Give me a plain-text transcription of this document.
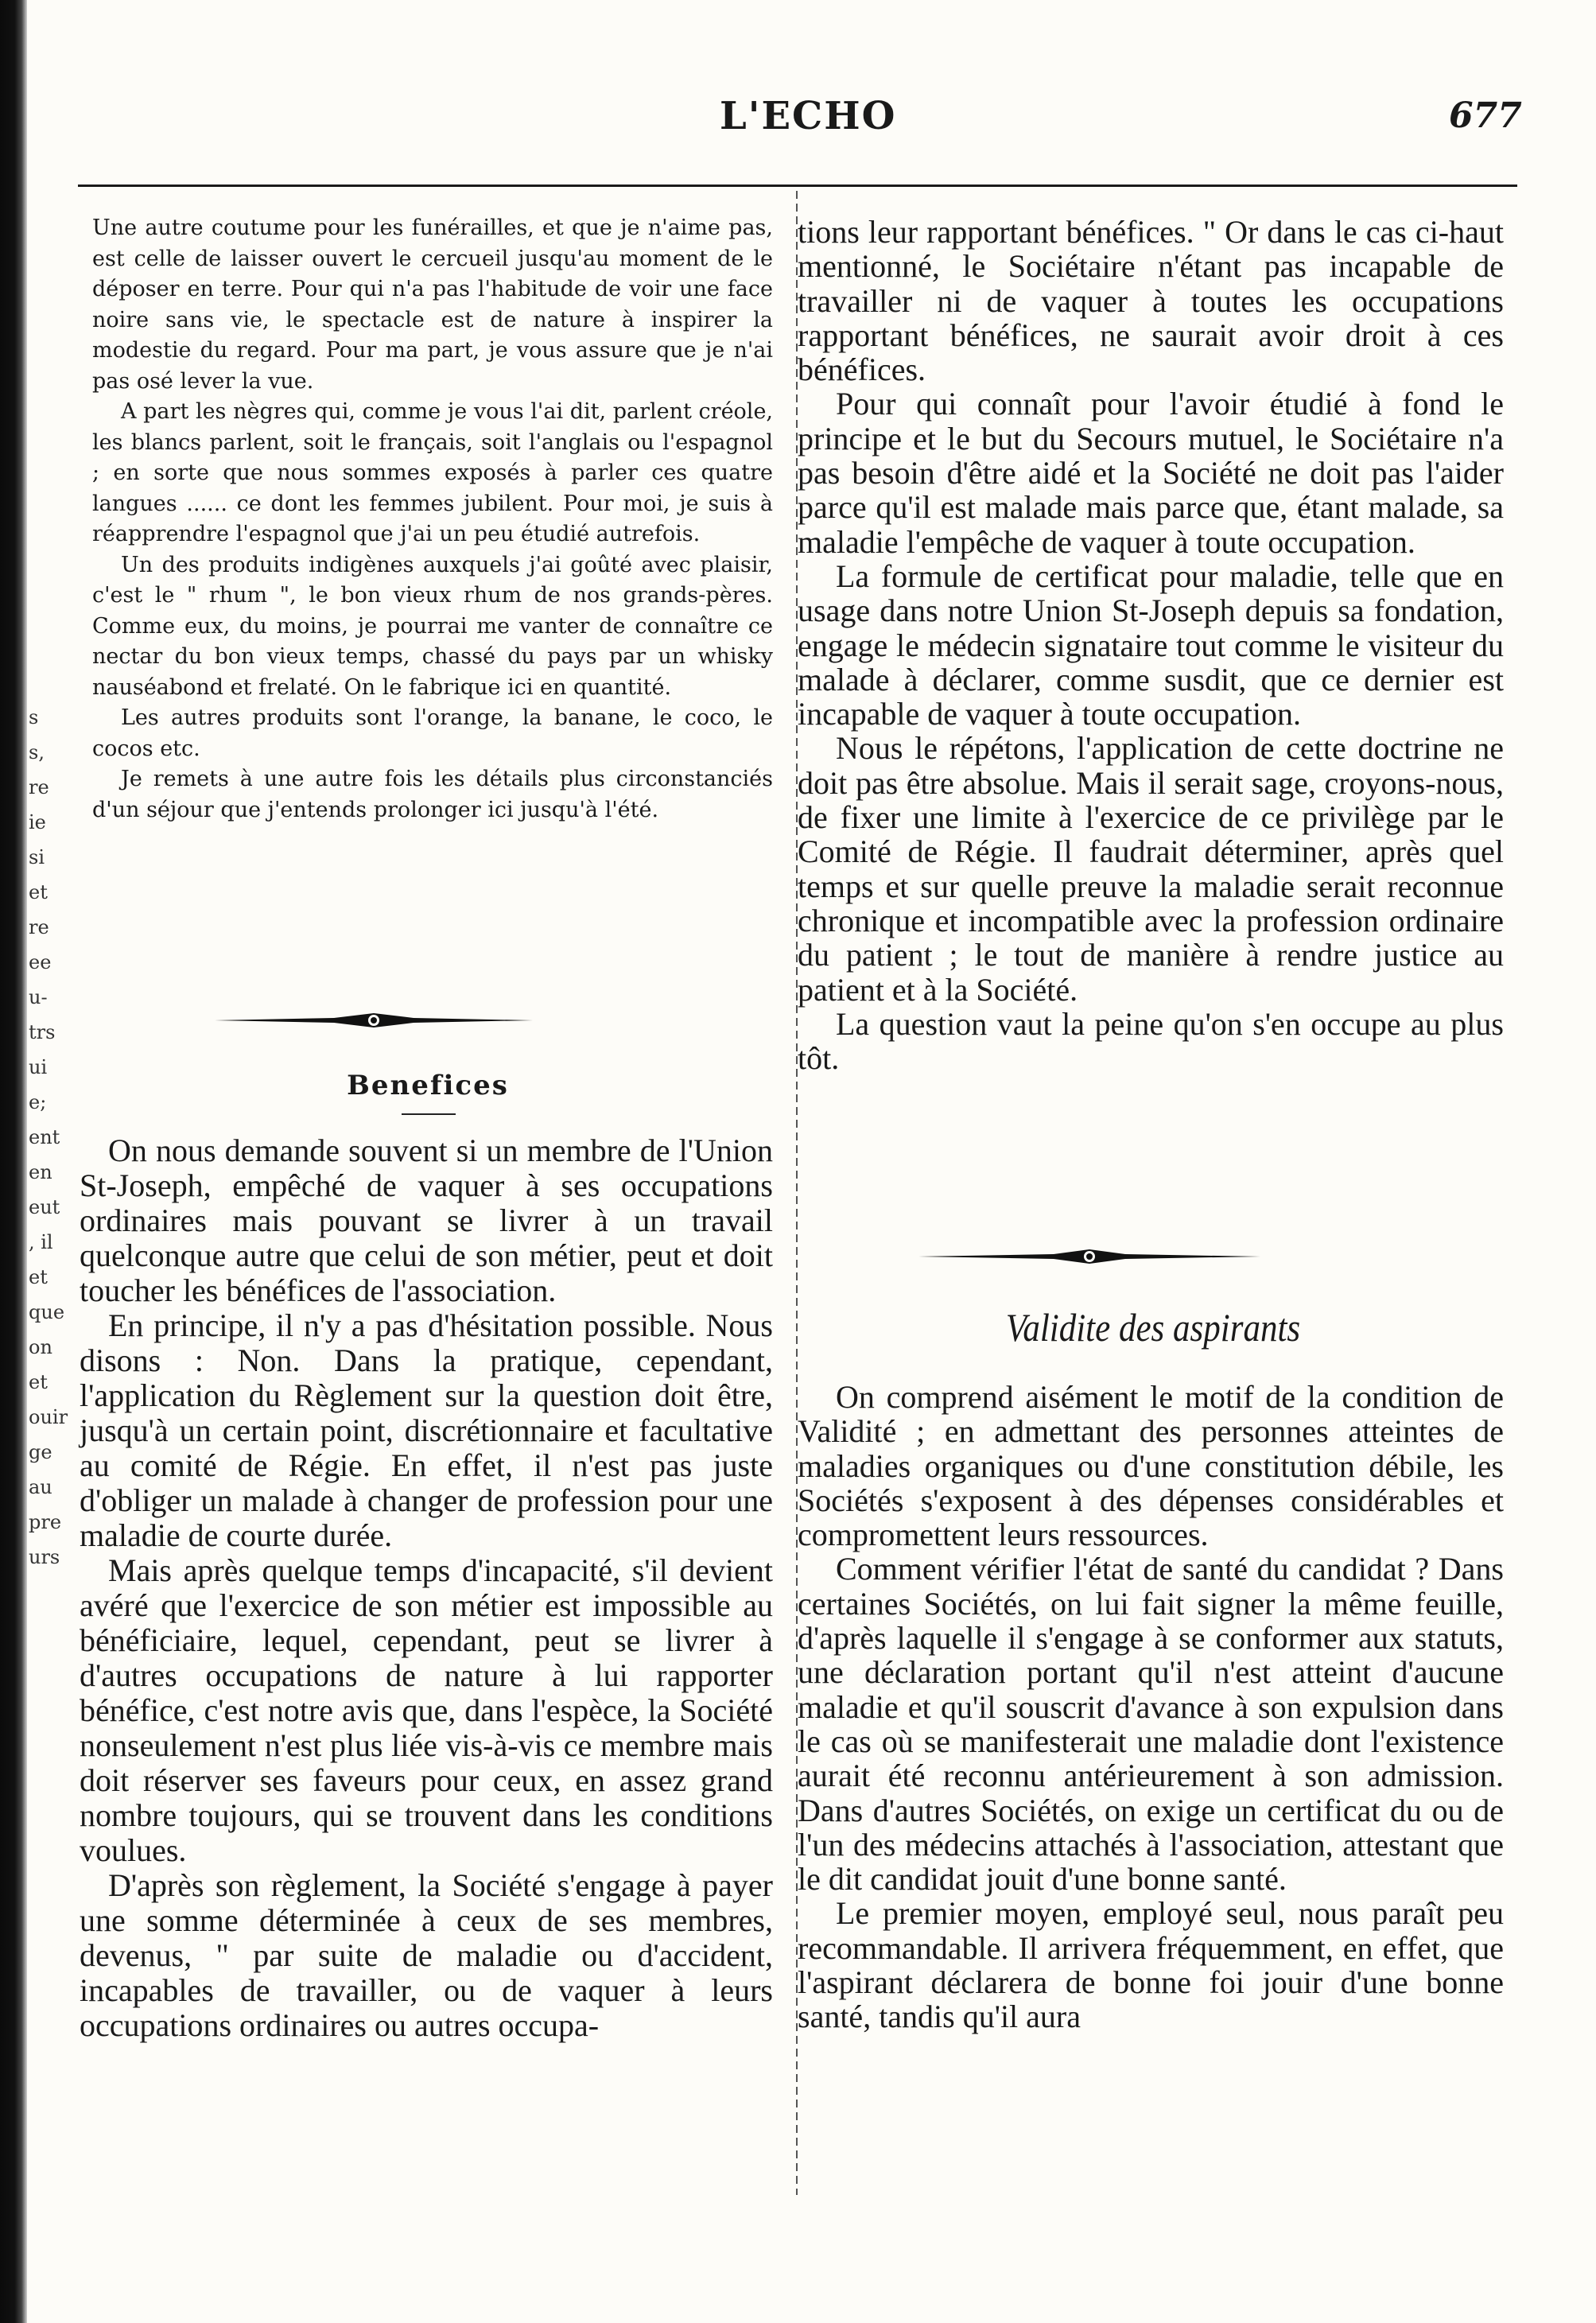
s
s,
re
ie
si
et
re
ee
u-
trs
ui
e;
ent
en
eut
, il
et
que
on
et
ouir
ge
au
pre
urs
L'ECHO	677

Une autre coutume pour les funérailles, et que je n'aime pas, est celle de laisser ouvert le cercueil jusqu'au moment de le déposer en terre. Pour qui n'a pas l'habitude de voir une face noire sans vie, le spectacle est de nature à inspirer la modestie du regard. Pour ma part, je vous assure que je n'ai pas osé lever la vue.

A part les nègres qui, comme je vous l'ai dit, parlent créole, les blancs parlent, soit le français, soit l'anglais ou l'espagnol ; en sorte que nous sommes exposés à parler ces quatre langues ...... ce dont les femmes jubilent. Pour moi, je suis à réapprendre l'espagnol que j'ai un peu étudié autrefois.

Un des produits indigènes auxquels j'ai goûté avec plaisir, c'est le " rhum ", le bon vieux rhum de nos grands-pères. Comme eux, du moins, je pourrai me vanter de connaître ce nectar du bon vieux temps, chassé du pays par un whisky nauséabond et frelaté. On le fabrique ici en quantité.

Les autres produits sont l'orange, la banane, le coco, le cocos etc.

Je remets à une autre fois les détails plus circonstanciés d'un séjour que j'entends prolonger ici jusqu'à l'été.

Benefices

On nous demande souvent si un membre de l'Union St-Joseph, empêché de vaquer à ses occupations ordinaires mais pouvant se livrer à un travail quelconque autre que celui de son métier, peut et doit toucher les bénéfices de l'association.

En principe, il n'y a pas d'hésitation possible. Nous disons : Non. Dans la pratique, cependant, l'application du Règlement sur la question doit être, jusqu'à un certain point, discrétionnaire et facultative au comité de Régie. En effet, il n'est pas juste d'obliger un malade à changer de profession pour une maladie de courte durée.

Mais après quelque temps d'incapacité, s'il devient avéré que l'exercice de son métier est impossible au bénéficiaire, lequel, cependant, peut se livrer à d'autres occupations de nature à lui rapporter bénéfice, c'est notre avis que, dans l'espèce, la Société nonseulement n'est plus liée vis-à-vis ce membre mais doit réserver ses faveurs pour ceux, en assez grand nombre toujours, qui se trouvent dans les conditions voulues.

D'après son règlement, la Société s'engage à payer une somme déterminée à ceux de ses membres, devenus, " par suite de maladie ou d'accident, incapables de travailler, ou de vaquer à leurs occupations ordinaires ou autres occupa-

tions leur rapportant bénéfices. " Or dans le cas ci-haut mentionné, le Sociétaire n'étant pas incapable de travailler ni de vaquer à toutes les occupations rapportant bénéfices, ne saurait avoir droit à ces bénéfices.

Pour qui connaît pour l'avoir étudié à fond le principe et le but du Secours mutuel, le Sociétaire n'a pas besoin d'être aidé et la Société ne doit pas l'aider parce qu'il est malade mais parce que, étant malade, sa maladie l'empêche de vaquer à toute occupation.

La formule de certificat pour maladie, telle que en usage dans notre Union St-Joseph depuis sa fondation, engage le médecin signataire tout comme le visiteur du malade à déclarer, comme susdit, que ce dernier est incapable de vaquer à toute occupation.

Nous le répétons, l'application de cette doctrine ne doit pas être absolue. Mais il serait sage, croyons-nous, de fixer une limite à l'exercice de ce privilège par le Comité de Régie. Il faudrait déterminer, après quel temps et sur quelle preuve la maladie serait reconnue chronique et incompatible avec la profession ordinaire du patient ; le tout de manière à rendre justice au patient et à la Société.

La question vaut la peine qu'on s'en occupe au plus tôt.

Validite des aspirants

On comprend aisément le motif de la condition de Validité ; en admettant des personnes atteintes de maladies organiques ou d'une constitution débile, les Sociétés s'exposent à des dépenses considérables et compromettent leurs ressources.

Comment vérifier l'état de santé du candidat ? Dans certaines Sociétés, on lui fait signer la même feuille, d'après laquelle il s'engage à se conformer aux statuts, une déclaration portant qu'il n'est atteint d'aucune maladie et qu'il souscrit d'avance à son expulsion dans le cas où se manifesterait une maladie dont l'existence aurait été reconnu antérieurement à son admission. Dans d'autres Sociétés, on exige un certificat du ou de l'un des médecins attachés à l'association, attestant que le dit candidat jouit d'une bonne santé.

Le premier moyen, employé seul, nous paraît peu recommandable. Il arrivera fréquemment, en effet, que l'aspirant déclarera de bonne foi jouir d'une bonne santé, tandis qu'il aura
